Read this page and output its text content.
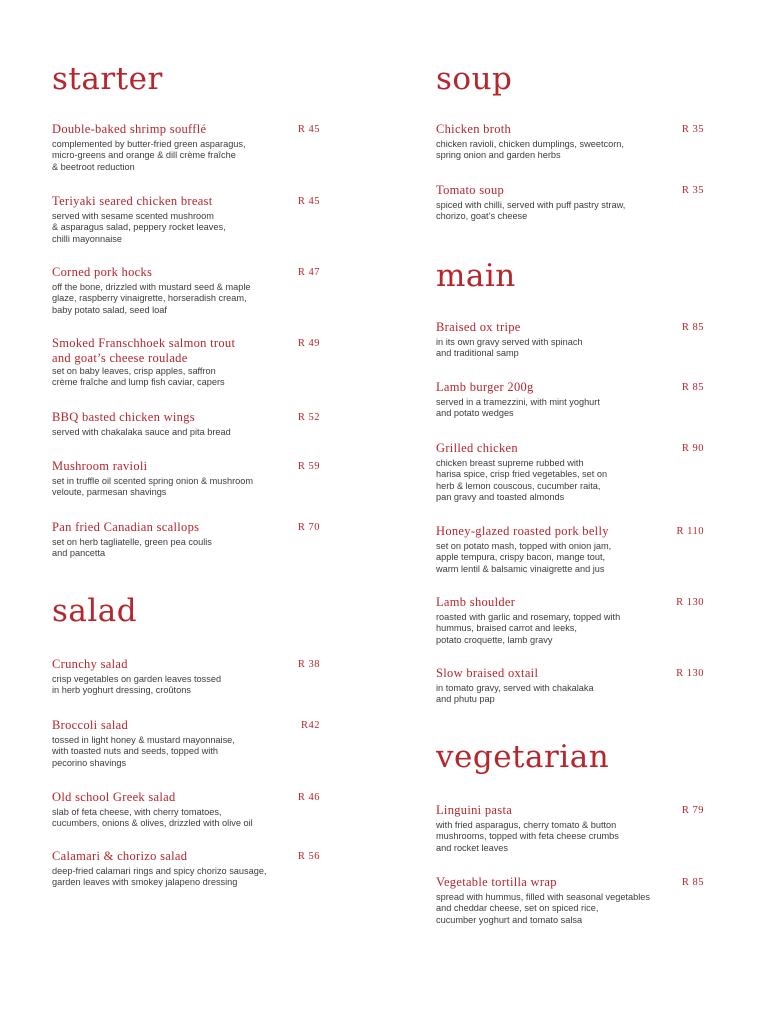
starter
Double-baked shrimp soufflé	R 45
complemented by butter-fried green asparagus,
micro-greens and orange & dill crème fraîche
& beetroot reduction
Teriyaki seared chicken breast	R 45
served with sesame scented mushroom
& asparagus salad, peppery rocket leaves,
chilli mayonnaise
Corned pork hocks	R 47
off the bone, drizzled with mustard seed & maple
glaze, raspberry vinaigrette, horseradish cream,
baby potato salad, seed loaf
Smoked Franschhoek salmon trout
and goat’s cheese roulade
R 49
set on baby leaves, crisp apples, saffron
crème fraîche and lump fish caviar, capers
BBQ basted chicken wings	R 52
served with chakalaka sauce and pita bread
Mushroom ravioli	R 59
set in truffle oil scented spring onion & mushroom
veloute, parmesan shavings
Pan fried Canadian scallops	R 70
set on herb tagliatelle, green pea coulis
and pancetta
salad
Crunchy salad	R 38
crisp vegetables on garden leaves tossed
in herb yoghurt dressing, croûtons
Broccoli salad	R42
tossed in light honey & mustard mayonnaise,
with toasted nuts and seeds, topped with
pecorino shavings
Old school Greek salad	R 46
slab of feta cheese, with cherry tomatoes,
cucumbers, onions & olives, drizzled with olive oil
Calamari & chorizo salad	R 56
deep-fried calamari rings and spicy chorizo sausage,
garden leaves with smokey jalapeno dressing
soup
Chicken broth	R 35
chicken ravioli, chicken dumplings, sweetcorn,
spring onion and garden herbs
Tomato soup	R 35
spiced with chilli, served with puff pastry straw,
chorizo, goat’s cheese
main
Braised ox tripe	R 85
in its own gravy served with spinach
and traditional samp
Lamb burger 200g	R 85
served in a tramezzini, with mint yoghurt
and potato wedges
Grilled chicken	R 90
chicken breast supreme rubbed with
harisa spice, crisp fried vegetables, set on
herb & lemon couscous, cucumber raita,
pan gravy and toasted almonds
Honey-glazed roasted pork belly	R 110
set on potato mash, topped with onion jam,
apple tempura, crispy bacon, mange tout,
warm lentil & balsamic vinaigrette and jus
Lamb shoulder	R 130
roasted with garlic and rosemary, topped with
hummus, braised carrot and leeks,
potato croquette, lamb gravy
Slow braised oxtail	R 130
in tomato gravy, served with chakalaka
and phutu pap
vegetarian
Linguini pasta	R 79
with fried asparagus, cherry tomato & button
mushrooms, topped with feta cheese crumbs
and rocket leaves
Vegetable tortilla wrap	R 85
spread with hummus, filled with seasonal vegetables
and cheddar cheese, set on spiced rice,
cucumber yoghurt and tomato salsa
